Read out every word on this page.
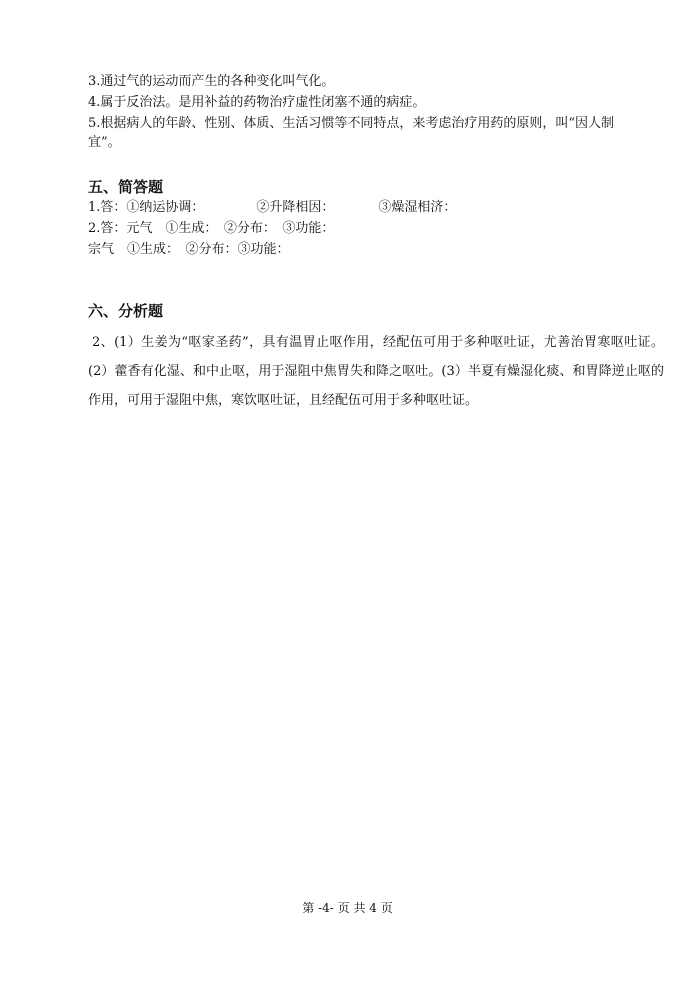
3.通过气的运动而产生的各种变化叫气化。
4.属于反治法。是用补益的药物治疗虚性闭塞不通的病症。
5.根据病人的年龄、性别、体质、生活习惯等不同特点，来考虑治疗用药的原则，叫“因人制
宜”。
五、简答题
1.答：①纳运协调：	②升降相因：	③燥湿相济：
2.答：元气　①生成：　②分布：　③功能：
宗气　①生成：　②分布：③功能：
六、分析题
2、(1）生姜为“呕家圣药”，具有温胃止呕作用，经配伍可用于多种呕吐证，尤善治胃寒呕吐证。(2）藿香有化湿、和中止呕，用于湿阻中焦胃失和降之呕吐。(3）半夏有燥湿化痰、和胃降逆止呕的作用，可用于湿阻中焦，寒饮呕吐证，且经配伍可用于多种呕吐证。
第 -4- 页 共 4 页
